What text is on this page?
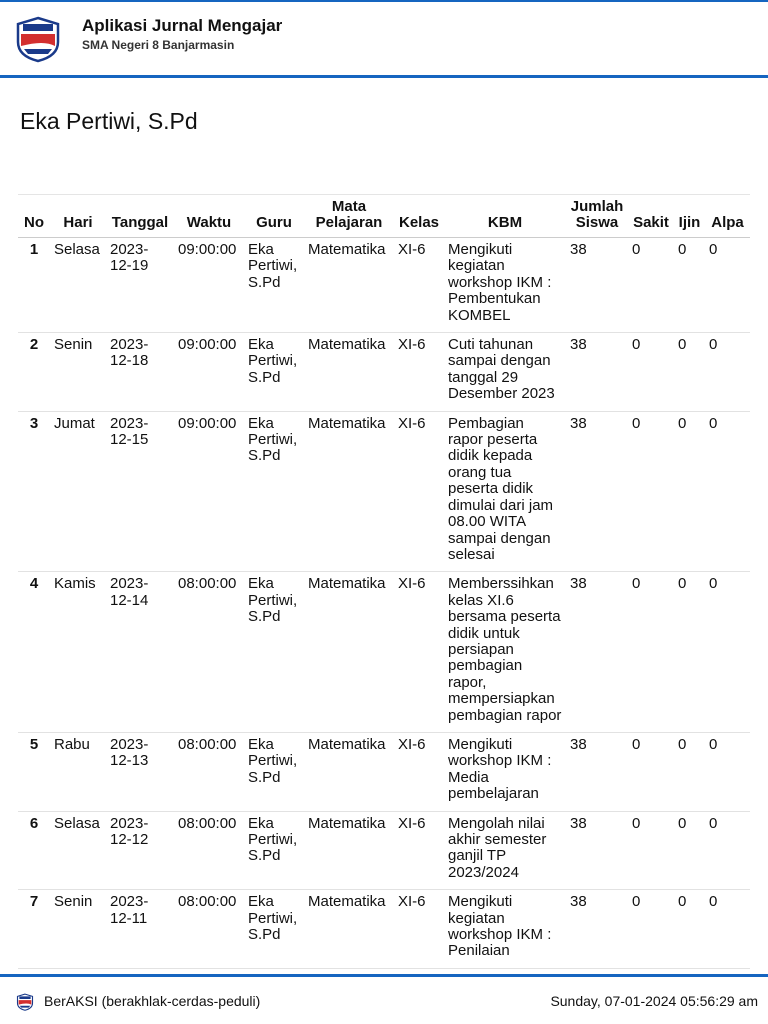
Aplikasi Jurnal Mengajar
SMA Negeri 8 Banjarmasin
Eka Pertiwi, S.Pd
No	Hari	Tanggal	Waktu	Guru	Mata Pelajaran	Kelas	KBM	Jumlah Siswa	Sakit	Ijin	Alpa
1	Selasa	2023-12-19	09:00:00	Eka Pertiwi, S.Pd	Matematika	XI-6	Mengikuti kegiatan workshop IKM : Pembentukan KOMBEL	38	0	0	0
2	Senin	2023-12-18	09:00:00	Eka Pertiwi, S.Pd	Matematika	XI-6	Cuti tahunan sampai dengan tanggal 29 Desember 2023	38	0	0	0
3	Jumat	2023-12-15	09:00:00	Eka Pertiwi, S.Pd	Matematika	XI-6	Pembagian rapor peserta didik kepada orang tua peserta didik dimulai dari jam 08.00 WITA sampai dengan selesai	38	0	0	0
4	Kamis	2023-12-14	08:00:00	Eka Pertiwi, S.Pd	Matematika	XI-6	Memberssihkan kelas XI.6 bersama peserta didik untuk persiapan pembagian rapor, mempersiapkan pembagian rapor	38	0	0	0
5	Rabu	2023-12-13	08:00:00	Eka Pertiwi, S.Pd	Matematika	XI-6	Mengikuti workshop IKM : Media pembelajaran	38	0	0	0
6	Selasa	2023-12-12	08:00:00	Eka Pertiwi, S.Pd	Matematika	XI-6	Mengolah nilai akhir semester ganjil TP 2023/2024	38	0	0	0
7	Senin	2023-12-11	08:00:00	Eka Pertiwi, S.Pd	Matematika	XI-6	Mengikuti kegiatan workshop IKM : Penilaian	38	0	0	0

BerAKSI (berakhlak-cerdas-peduli)	Sunday, 07-01-2024 05:56:29 am
